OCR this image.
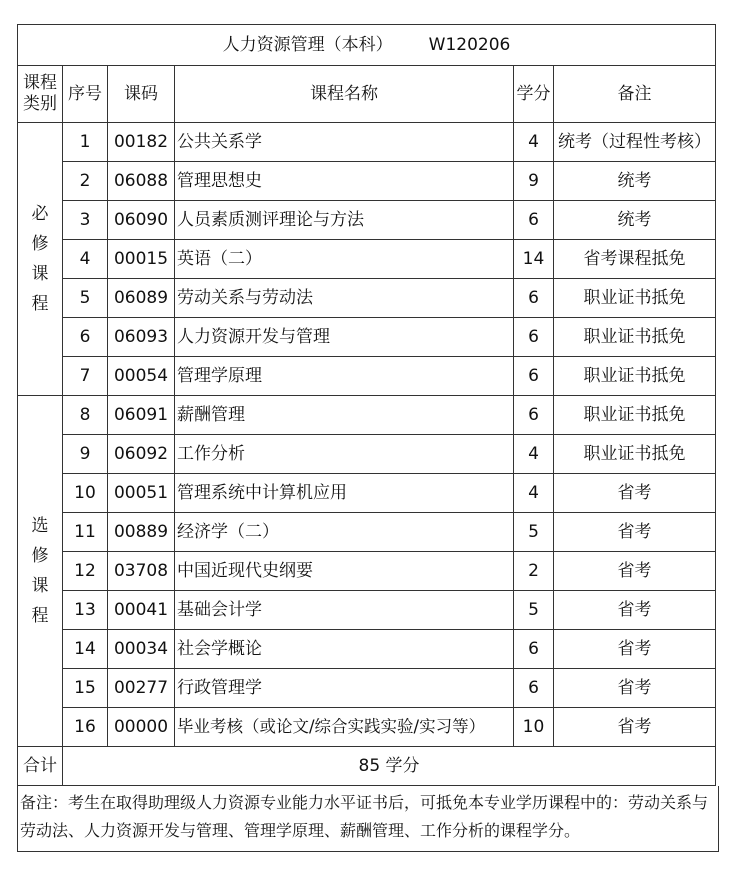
人力资源管理（本科） W120206					

课程类别	序号	课码	课程名称	学分	备注

必修课程	1	00182	公共关系学	4	统考（过程性考核）
	2	06088	管理思想史	9	统考
	3	06090	人员素质测评理论与方法	6	统考
	4	00015	英语（二）	14	省考课程抵免
	5	06089	劳动关系与劳动法	6	职业证书抵免
	6	06093	人力资源开发与管理	6	职业证书抵免
	7	00054	管理学原理	6	职业证书抵免

选修课程	8	06091	薪酬管理	6	职业证书抵免
	9	06092	工作分析	4	职业证书抵免
	10	00051	管理系统中计算机应用	4	省考
	11	00889	经济学（二）	5	省考
	12	03708	中国近现代史纲要	2	省考
	13	00041	基础会计学	5	省考
	14	00034	社会学概论	6	省考
	15	00277	行政管理学	6	省考
	16	00000	毕业考核（或论文/综合实践实验/实习等）	10	省考
合计	85 学分				
备注：考生在取得助理级人力资源专业能力水平证书后，可抵免本专业学历课程中的：劳动关系与劳动法、人力资源开发与管理、管理学原理、薪酬管理、工作分析的课程学分。
